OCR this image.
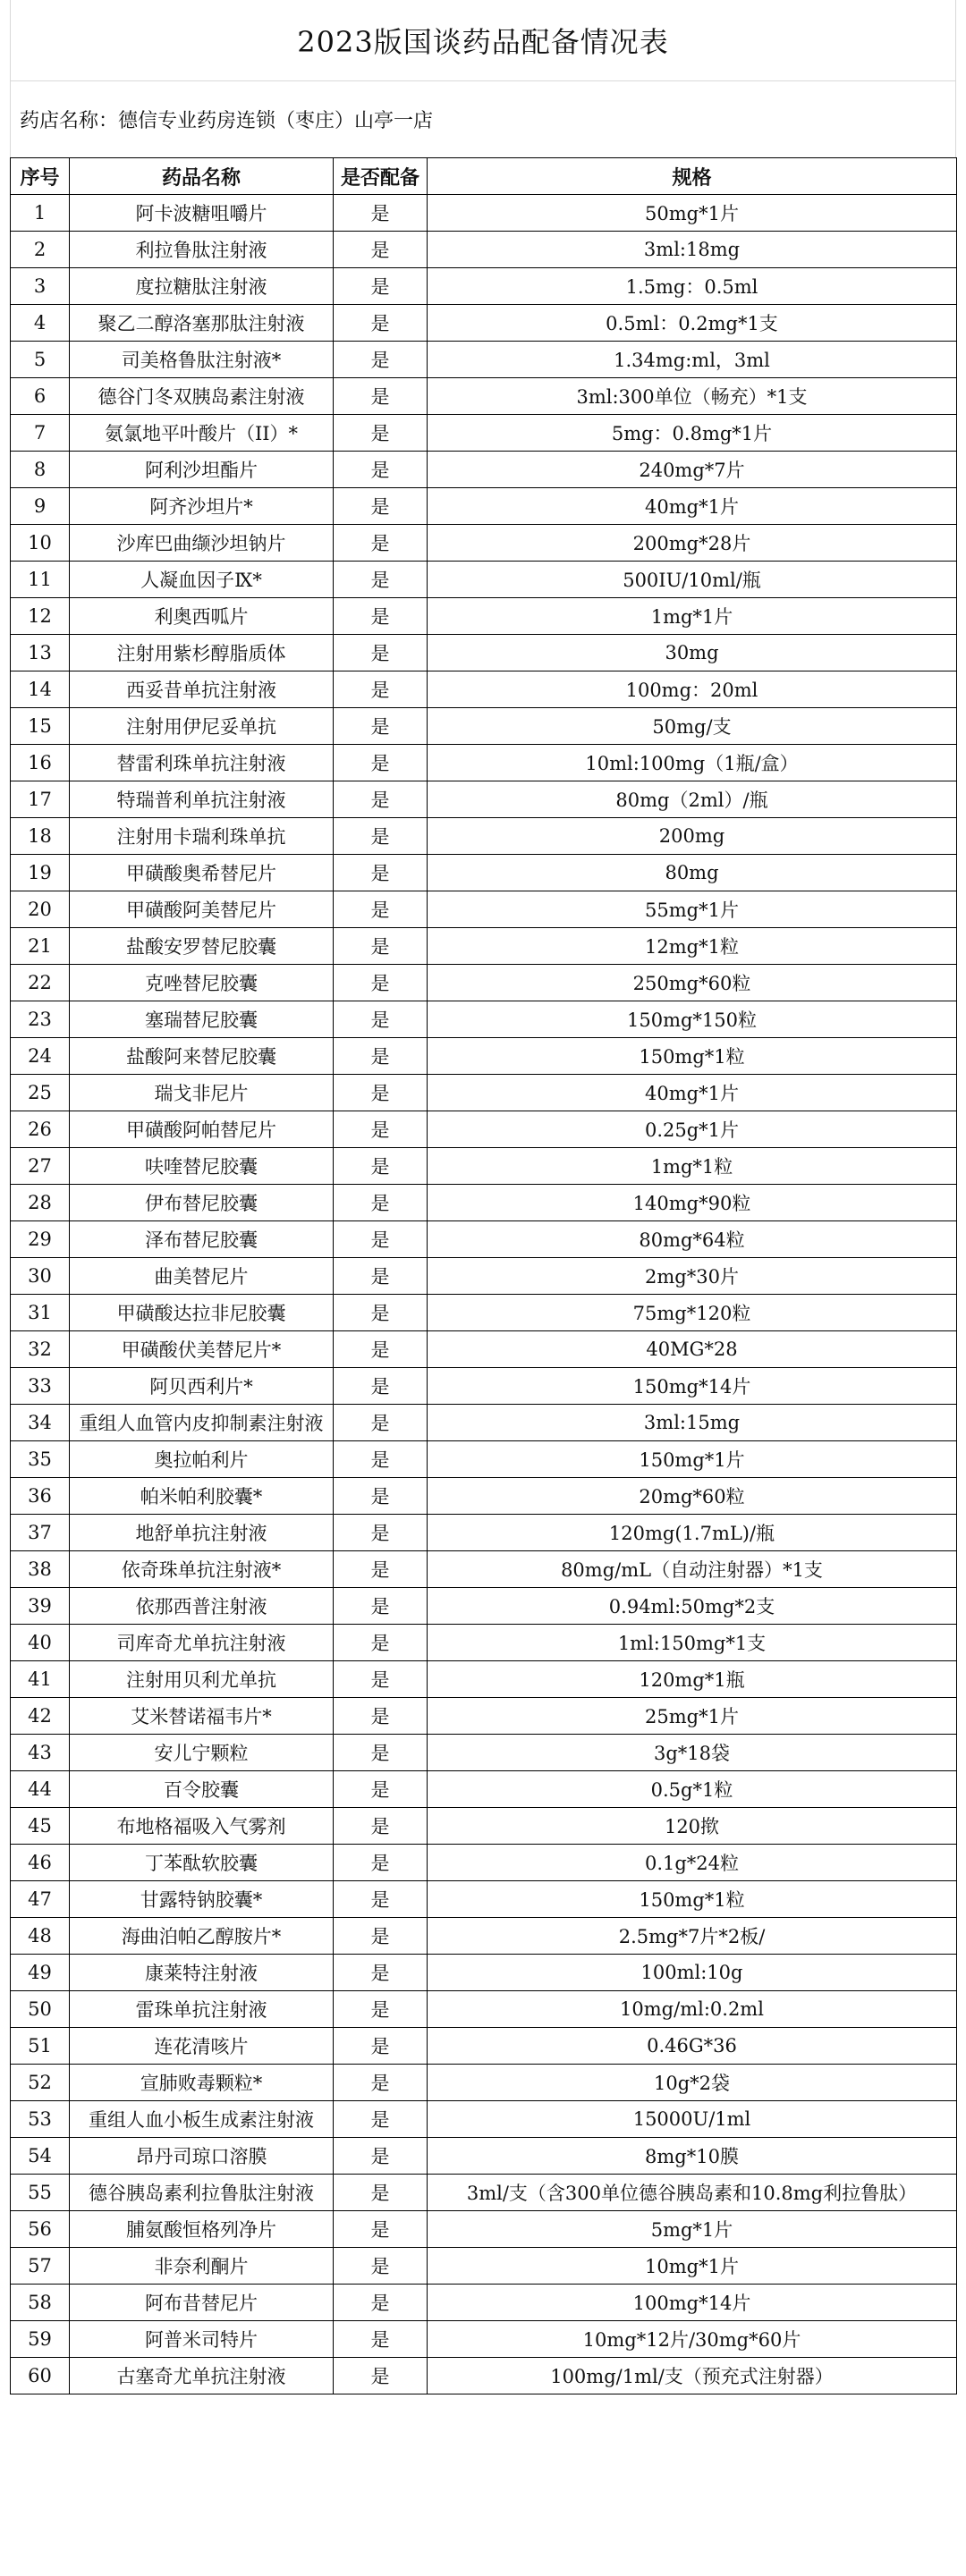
2023版国谈药品配备情况表
药店名称：德信专业药房连锁（枣庄）山亭一店
序号	药品名称	是否配备	规格
1	阿卡波糖咀嚼片	是	50mg*1片
2	利拉鲁肽注射液	是	3ml:18mg
3	度拉糖肽注射液	是	1.5mg：0.5ml
4	聚乙二醇洛塞那肽注射液	是	0.5ml：0.2mg*1支
5	司美格鲁肽注射液*	是	1.34mg:ml，3ml
6	德谷门冬双胰岛素注射液	是	3ml:300单位（畅充）*1支
7	氨氯地平叶酸片（II）*	是	5mg：0.8mg*1片
8	阿利沙坦酯片	是	240mg*7片
9	阿齐沙坦片*	是	40mg*1片
10	沙库巴曲缬沙坦钠片	是	200mg*28片
11	人凝血因子Ⅸ*	是	500IU/10ml/瓶
12	利奥西呱片	是	1mg*1片
13	注射用紫杉醇脂质体	是	30mg
14	西妥昔单抗注射液	是	100mg：20ml
15	注射用伊尼妥单抗	是	50mg/支
16	替雷利珠单抗注射液	是	10ml:100mg（1瓶/盒）
17	特瑞普利单抗注射液	是	80mg（2ml）/瓶
18	注射用卡瑞利珠单抗	是	200mg
19	甲磺酸奥希替尼片	是	80mg
20	甲磺酸阿美替尼片	是	55mg*1片
21	盐酸安罗替尼胶囊	是	12mg*1粒
22	克唑替尼胶囊	是	250mg*60粒
23	塞瑞替尼胶囊	是	150mg*150粒
24	盐酸阿来替尼胶囊	是	150mg*1粒
25	瑞戈非尼片	是	40mg*1片
26	甲磺酸阿帕替尼片	是	0.25g*1片
27	呋喹替尼胶囊	是	1mg*1粒
28	伊布替尼胶囊	是	140mg*90粒
29	泽布替尼胶囊	是	80mg*64粒
30	曲美替尼片	是	2mg*30片
31	甲磺酸达拉非尼胶囊	是	75mg*120粒
32	甲磺酸伏美替尼片*	是	40MG*28
33	阿贝西利片*	是	150mg*14片
34	重组人血管内皮抑制素注射液	是	3ml:15mg
35	奥拉帕利片	是	150mg*1片
36	帕米帕利胶囊*	是	20mg*60粒
37	地舒单抗注射液	是	120mg(1.7mL)/瓶
38	依奇珠单抗注射液*	是	80mg/mL（自动注射器）*1支
39	依那西普注射液	是	0.94ml:50mg*2支
40	司库奇尤单抗注射液	是	1ml:150mg*1支
41	注射用贝利尤单抗	是	120mg*1瓶
42	艾米替诺福韦片*	是	25mg*1片
43	安儿宁颗粒	是	3g*18袋
44	百令胶囊	是	0.5g*1粒
45	布地格福吸入气雾剂	是	120揿
46	丁苯酞软胶囊	是	0.1g*24粒
47	甘露特钠胶囊*	是	150mg*1粒
48	海曲泊帕乙醇胺片*	是	2.5mg*7片*2板/
49	康莱特注射液	是	100ml:10g
50	雷珠单抗注射液	是	10mg/ml:0.2ml
51	连花清咳片	是	0.46G*36
52	宣肺败毒颗粒*	是	10g*2袋
53	重组人血小板生成素注射液	是	15000U/1ml
54	昂丹司琼口溶膜	是	8mg*10膜
55	德谷胰岛素利拉鲁肽注射液	是	3ml/支（含300单位德谷胰岛素和10.8mg利拉鲁肽）
56	脯氨酸恒格列净片	是	5mg*1片
57	非奈利酮片	是	10mg*1片
58	阿布昔替尼片	是	100mg*14片
59	阿普米司特片	是	10mg*12片/30mg*60片
60	古塞奇尤单抗注射液	是	100mg/1ml/支（预充式注射器）
